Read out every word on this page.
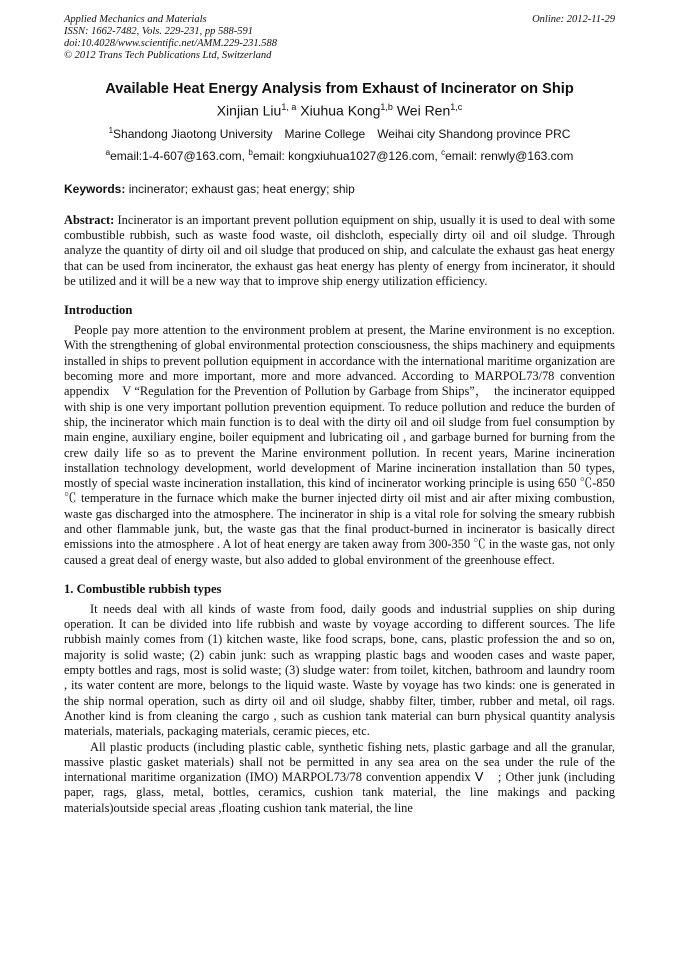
Applied Mechanics and Materials
ISSN: 1662-7482, Vols. 229-231, pp 588-591
doi:10.4028/www.scientific.net/AMM.229-231.588
© 2012 Trans Tech Publications Ltd, Switzerland
Online: 2012-11-29
Available Heat Energy Analysis from Exhaust of Incinerator on Ship
Xinjian Liu$^{1, a}$ Xiuhua Kong$^{1,b}$ Wei Ren$^{1,c}$
$^1$Shandong Jiaotong University Marine College Weihai city Shandong province PRC
$^a$email:1-4-607@163.com, $^b$email: kongxiuhua1027@126.com, $^c$email: renwly@163.com
Keywords: incinerator; exhaust gas; heat energy; ship

Abstract: Incinerator is an important prevent pollution equipment on ship, usually it is used to deal with some combustible rubbish, such as waste food waste, oil dishcloth, especially dirty oil and oil sludge. Through analyze the quantity of dirty oil and oil sludge that produced on ship, and calculate the exhaust gas heat energy that can be used from incinerator, the exhaust gas heat energy has plenty of energy from incinerator, it should be utilized and it will be a new way that to improve ship energy utilization efficiency.

Introduction

People pay more attention to the environment problem at present, the Marine environment is no exception. With the strengthening of global environmental protection consciousness, the ships machinery and equipments installed in ships to prevent pollution equipment in accordance with the international maritime organization are becoming more and more important, more and more advanced. According to MARPOL73/78 convention appendix　V “Regulation for the Prevention of Pollution by Garbage from Ships”，　the incinerator equipped with ship is one very important pollution prevention equipment. To reduce pollution and reduce the burden of ship, the incinerator which main function is to deal with the dirty oil and oil sludge from fuel consumption by main engine, auxiliary engine, boiler equipment and lubricating oil , and garbage burned for burning from the crew daily life so as to prevent the Marine environment pollution. In recent years, Marine incineration installation technology development, world development of Marine incineration installation than 50 types, mostly of special waste incineration installation, this kind of incinerator working principle is using 650 ℃-850 ℃ temperature in the furnace which make the burner injected dirty oil mist and air after mixing combustion, waste gas discharged into the atmosphere. The incinerator in ship is a vital role for solving the smeary rubbish and other flammable junk, but, the waste gas that the final product-burned in incinerator is basically direct emissions into the atmosphere . A lot of heat energy are taken away from 300-350 ℃ in the waste gas, not only caused a great deal of energy waste, but also added to global environment of the greenhouse effect.

1. Combustible rubbish types

It needs deal with all kinds of waste from food, daily goods and industrial supplies on ship during operation. It can be divided into life rubbish and waste by voyage according to different sources. The life rubbish mainly comes from (1) kitchen waste, like food scraps, bone, cans, plastic profession the and so on, majority is solid waste; (2) cabin junk: such as wrapping plastic bags and wooden cases and waste paper, empty bottles and rags, most is solid waste; (3) sludge water: from toilet, kitchen, bathroom and laundry room , its water content are more, belongs to the liquid waste. Waste by voyage has two kinds: one is generated in the ship normal operation, such as dirty oil and oil sludge, shabby filter, timber, rubber and metal, oil rags. Another kind is from cleaning the cargo , such as cushion tank material can burn physical quantity analysis materials, materials, packaging materials, ceramic pieces, etc.

All plastic products (including plastic cable, synthetic fishing nets, plastic garbage and all the granular, massive plastic gasket materials) shall not be permitted in any sea area on the sea under the rule of the international maritime organization (IMO) MARPOL73/78 convention appendix Ⅴ　; Other junk (including paper, rags, glass, metal, bottles, ceramics, cushion tank material, the line makings and packing materials)outside special areas ,floating cushion tank material, the line
